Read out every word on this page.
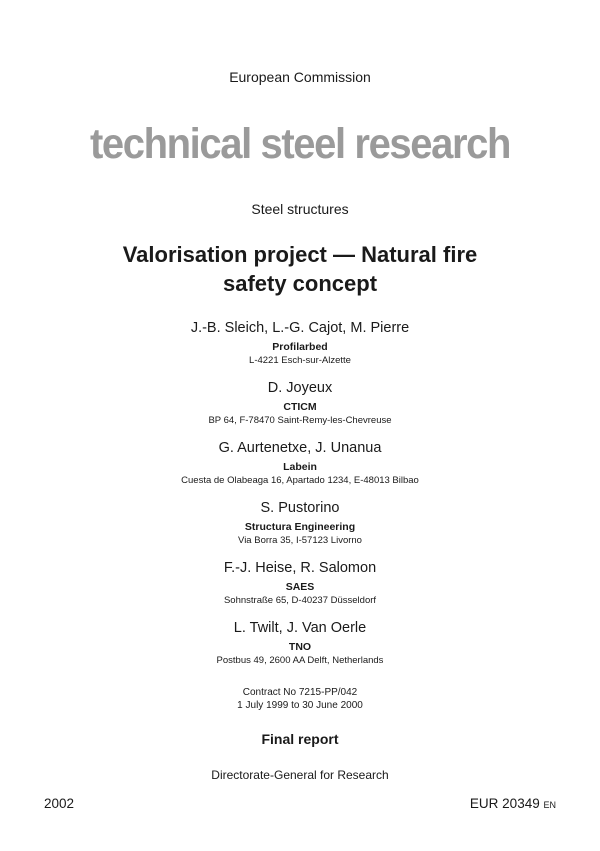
European Commission
technical steel research
Steel structures
Valorisation project — Natural fire
safety concept
J.-B. Sleich, L.-G. Cajot, M. Pierre
Profilarbed
L-4221 Esch-sur-Alzette
D. Joyeux
CTICM
BP 64, F-78470 Saint-Remy-les-Chevreuse
G. Aurtenetxe, J. Unanua
Labein
Cuesta de Olabeaga 16, Apartado 1234, E-48013 Bilbao
S. Pustorino
Structura Engineering
Via Borra 35, I-57123 Livorno
F.-J. Heise, R. Salomon
SAES
Sohnstraße 65, D-40237 Düsseldorf
L. Twilt, J. Van Oerle
TNO
Postbus 49, 2600 AA Delft, Netherlands
Contract No 7215-PP/042
1 July 1999 to 30 June 2000
Final report
Directorate-General for Research
2002	EUR 20349 EN
